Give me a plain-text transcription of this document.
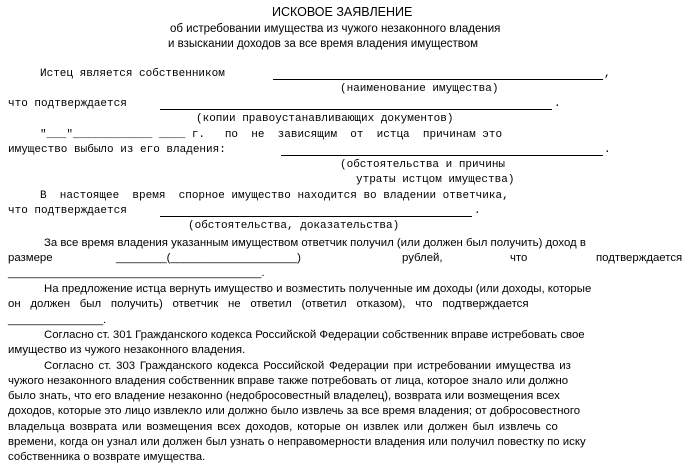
ИСКОВОЕ ЗАЯВЛЕНИЕ
об истребовании имущества из чужого незаконного владения
и взыскании доходов за все время владения имуществом
Истец является собственником	,
(наименование имущества)
что подтверждается	.
(копии правоустанавливающих документов)
"___"____________ ____ г.   по  не  зависящим  от  истца  причинам это
имущество выбыло из его владения:	.
(обстоятельства и причины
утраты истцом имущества)
В  настоящее  время  спорное имущество находится во владении ответчика,
что подтверждается	.
(обстоятельства, доказательства)
За все время владения указанным имуществом ответчик получил (или должен был получить) доход в
размере	________(____________________)	рублей,	что	подтверждается
________________________________________.
На предложение истца вернуть имущество и возместить полученные им доходы (или доходы, которые
он должен был получить) ответчик не ответил (ответил отказом), что подтверждается
_______________.
Согласно ст. 301 Гражданского кодекса Российской Федерации собственник вправе истребовать свое
имущество из чужого незаконного владения.
Согласно ст. 303 Гражданского кодекса Российской Федерации при истребовании имущества из
чужого незаконного владения собственник вправе также потребовать от лица, которое знало или должно
было знать, что его владение незаконно (недобросовестный владелец), возврата или возмещения всех
доходов, которые это лицо извлекло или должно было извлечь за все время владения; от добросовестного
владельца возврата или возмещения всех доходов, которые он извлек или должен был извлечь со
времени, когда он узнал или должен был узнать о неправомерности владения или получил повестку по иску
собственника о возврате имущества.
